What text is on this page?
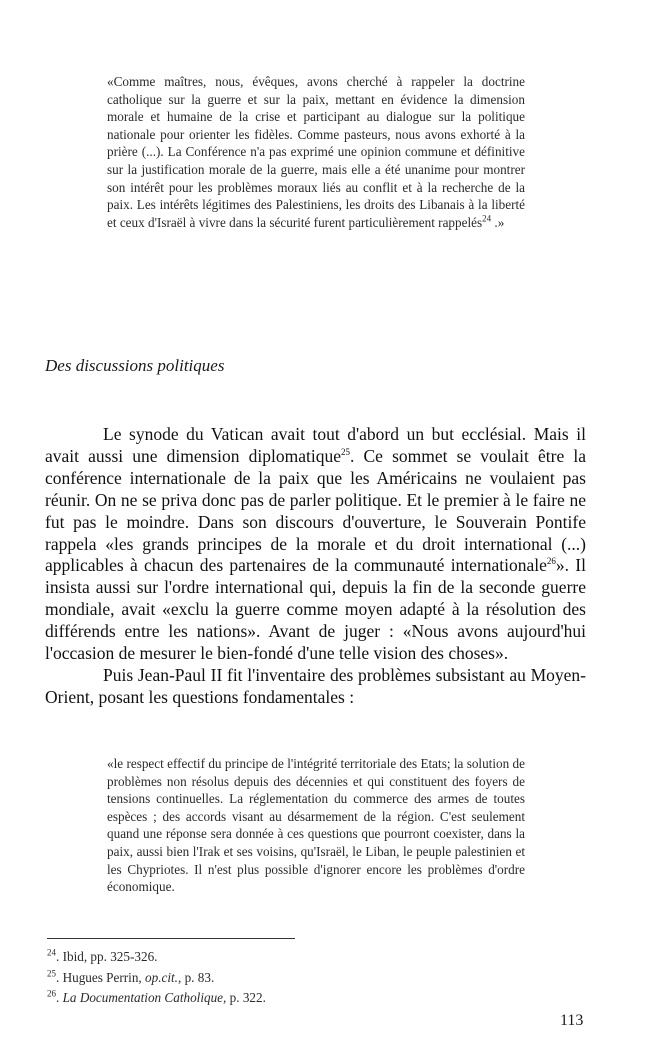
«Comme maîtres, nous, évêques, avons cherché à rappeler la doctrine catholique sur la guerre et sur la paix, mettant en évidence la dimension morale et humaine de la crise et participant au dialogue sur la politique nationale pour orienter les fidèles. Comme pasteurs, nous avons exhorté à la prière (...). La Conférence n'a pas exprimé une opinion commune et définitive sur la justification morale de la guerre, mais elle a été unanime pour montrer son intérêt pour les problèmes moraux liés au conflit et à la recherche de la paix. Les intérêts légitimes des Palestiniens, les droits des Libanais à la liberté et ceux d'Israël à vivre dans la sécurité furent particulièrement rappelés$^{24}$ .»
Des discussions politiques

Le synode du Vatican avait tout d'abord un but ecclésial. Mais il avait aussi une dimension diplomatique$^{25}$. Ce sommet se voulait être la conférence internationale de la paix que les Américains ne voulaient pas réunir. On ne se priva donc pas de parler politique. Et le premier à le faire ne fut pas le moindre. Dans son discours d'ouverture, le Souverain Pontife rappela «les grands principes de la morale et du droit international (...) applicables à chacun des partenaires de la communauté internationale$^{26}$». Il insista aussi sur l'ordre international qui, depuis la fin de la seconde guerre mondiale, avait «exclu la guerre comme moyen adapté à la résolution des différends entre les nations». Avant de juger : «Nous avons aujourd'hui l'occasion de mesurer le bien-fondé d'une telle vision des choses».

Puis Jean-Paul II fit l'inventaire des problèmes subsistant au Moyen-Orient, posant les questions fondamentales :

«le respect effectif du principe de l'intégrité territoriale des Etats; la solution de problèmes non résolus depuis des décennies et qui constituent des foyers de tensions continuelles. La réglementation du commerce des armes de toutes espèces ; des accords visant au désarmement de la région. C'est seulement quand une réponse sera donnée à ces questions que pourront coexister, dans la paix, aussi bien l'Irak et ses voisins, qu'Israël, le Liban, le peuple palestinien et les Chypriotes. Il n'est plus possible d'ignorer encore les problèmes d'ordre économique.
$^{24}$. Ibid, pp. 325-326.
$^{25}$. Hugues Perrin, op.cit., p. 83.
$^{26}$. La Documentation Catholique, p. 322.
113
